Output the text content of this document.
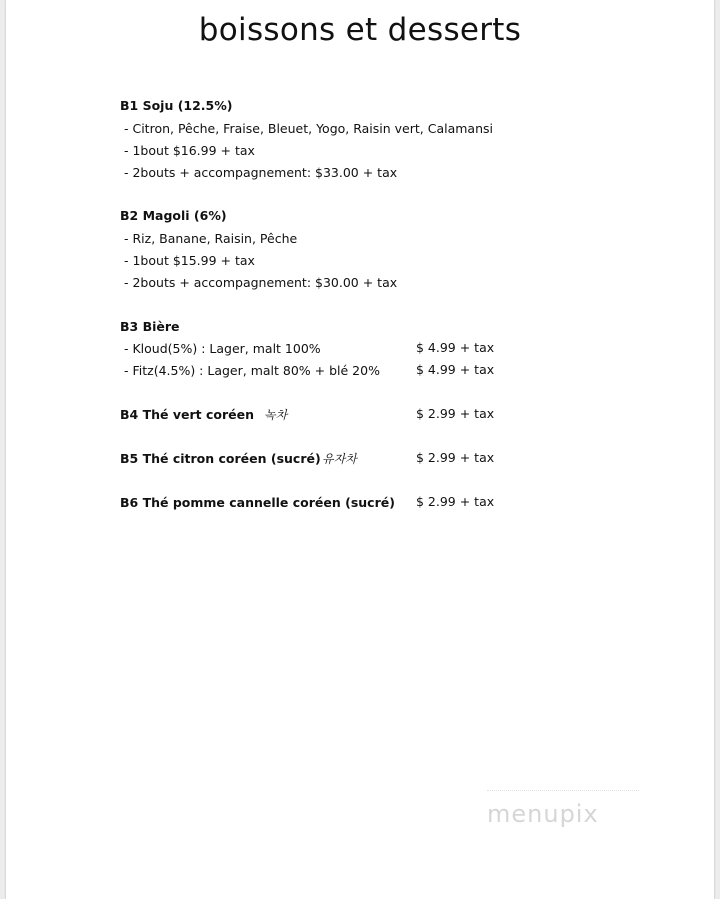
boissons et desserts
B1 Soju (12.5%)
- Citron, Pêche, Fraise, Bleuet, Yogo, Raisin vert, Calamansi
- 1bout $16.99 + tax
- 2bouts + accompagnement: $33.00 + tax
B2 Magoli (6%)
- Riz, Banane, Raisin, Pêche
- 1bout $15.99 + tax
- 2bouts + accompagnement: $30.00 + tax
B3 Bière
- Kloud(5%) : Lager, malt 100%	$ 4.99 + tax
- Fitz(4.5%) : Lager, malt 80% + blé 20%	$ 4.99 + tax
B4 Thé vert coréen 녹차	$ 2.99 + tax
B5 Thé citron coréen (sucré) 유자차	$ 2.99 + tax
B6 Thé pomme cannelle coréen (sucré) $ 2.99 + tax
menupix
